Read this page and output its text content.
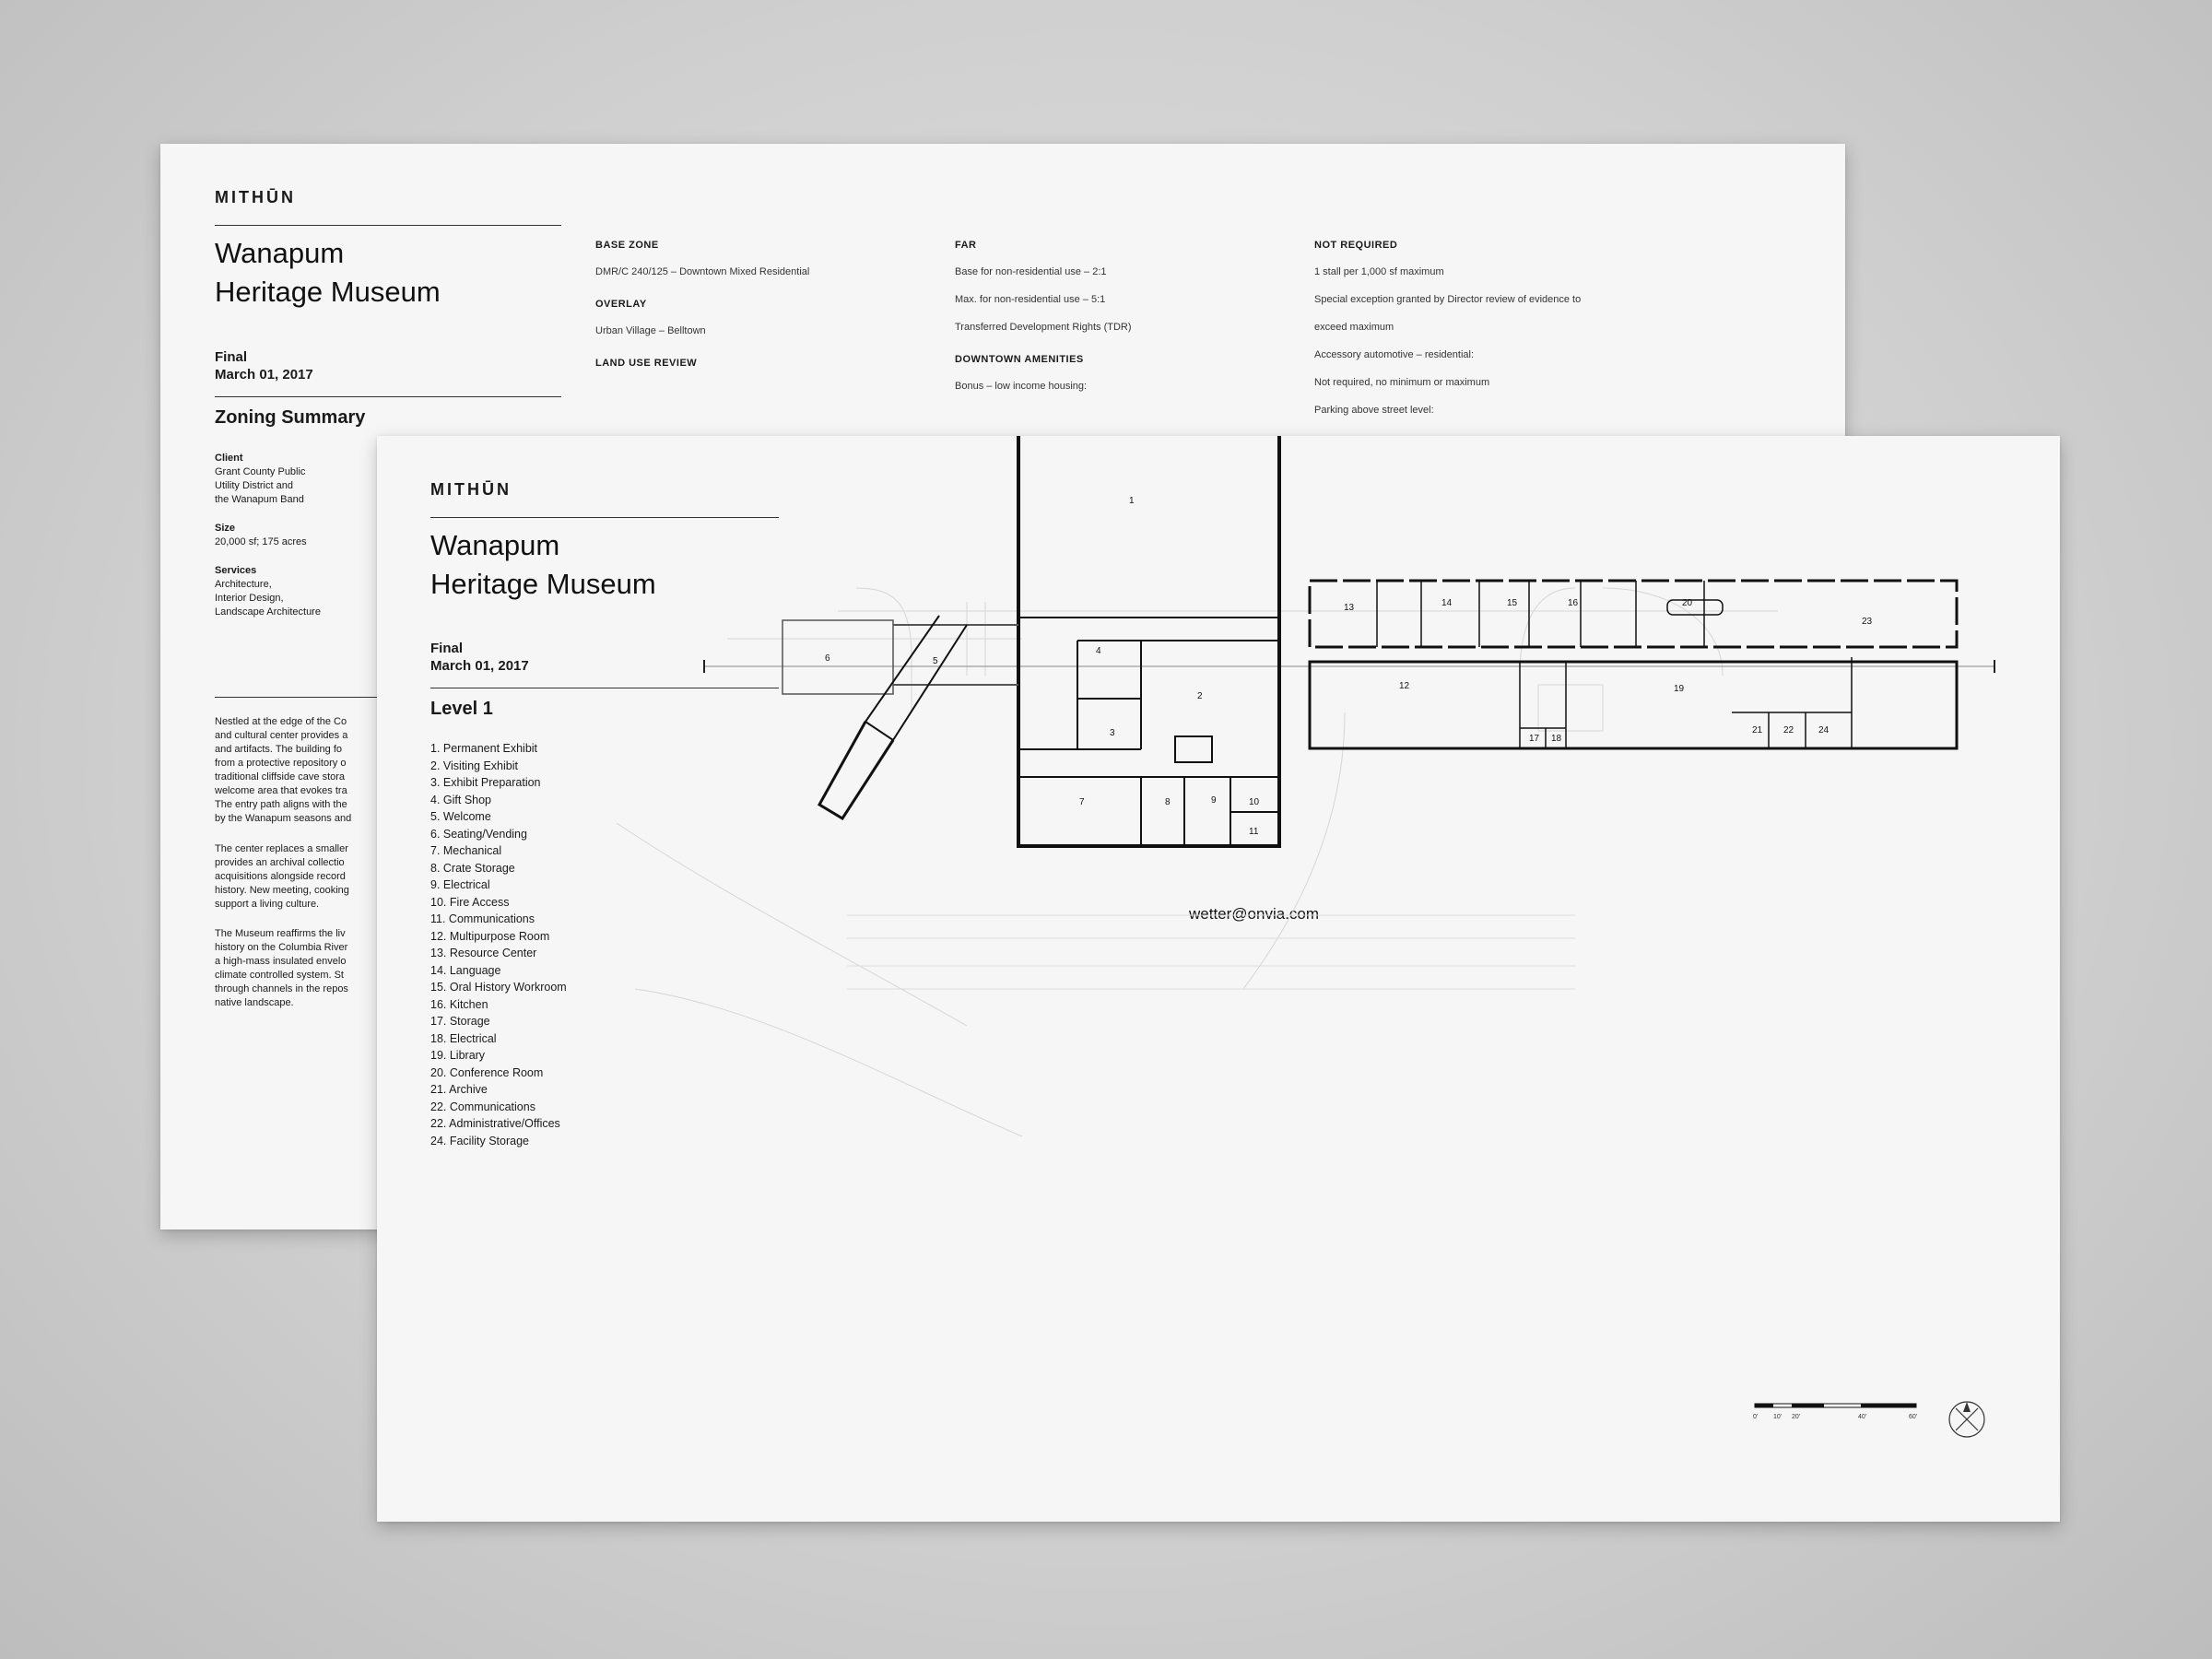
MITHŪN
Wanapum
Heritage Museum
Final
March 01, 2017
Zoning Summary
Client
Grant County Public
Utility District and
the Wanapum Band
Size
20,000 sf; 175 acres
Services
Architecture,
Interior Design,
Landscape Architecture
Nestled at the edge of the Co
and cultural center provides a
and artifacts. The building fo
from a protective repository o
traditional cliffside cave stora
welcome area that evokes tra
The entry path aligns with the
by the Wanapum seasons and
The center replaces a smaller
provides an archival collectio
acquisitions alongside record
history. New meeting, cooking
support a living culture.
The Museum reaffirms the liv
history on the Columbia River
a high-mass insulated envelo
climate controlled system. St
through channels in the repos
native landscape.
BASE ZONE
DMR/C 240/125 – Downtown Mixed Residential
OVERLAY
Urban Village – Belltown
LAND USE REVIEW
FAR
Base for non-residential use – 2:1
Max. for non-residential use – 5:1
Transferred Development Rights (TDR)
DOWNTOWN AMENITIES
Bonus – low income housing:
NOT REQUIRED
1 stall per 1,000 sf maximum
Special exception granted by Director review of evidence to
exceed maximum
Accessory automotive – residential:
Not required, no minimum or maximum
Parking above street level:
MITHŪN
Wanapum
Heritage Museum
Final
March 01, 2017
Level 1
1. Permanent Exhibit
2. Visiting Exhibit
3. Exhibit Preparation
4. Gift Shop
5. Welcome
6. Seating/Vending
7. Mechanical
8. Crate Storage
9. Electrical
10. Fire Access
11. Communications
12. Multipurpose Room
13. Resource Center
14. Language
15. Oral History Workroom
16. Kitchen
17. Storage
18. Electrical
19. Library
20. Conference Room
21. Archive
22. Communications
22. Administrative/Offices
24. Facility Storage
wetter@onvia.com
1
2
3
4
5
6
7	8	9	10
11
12
13	14	15	16
17 18
19
20
21 22
23
24
0' 10' 20'	40'	60'
